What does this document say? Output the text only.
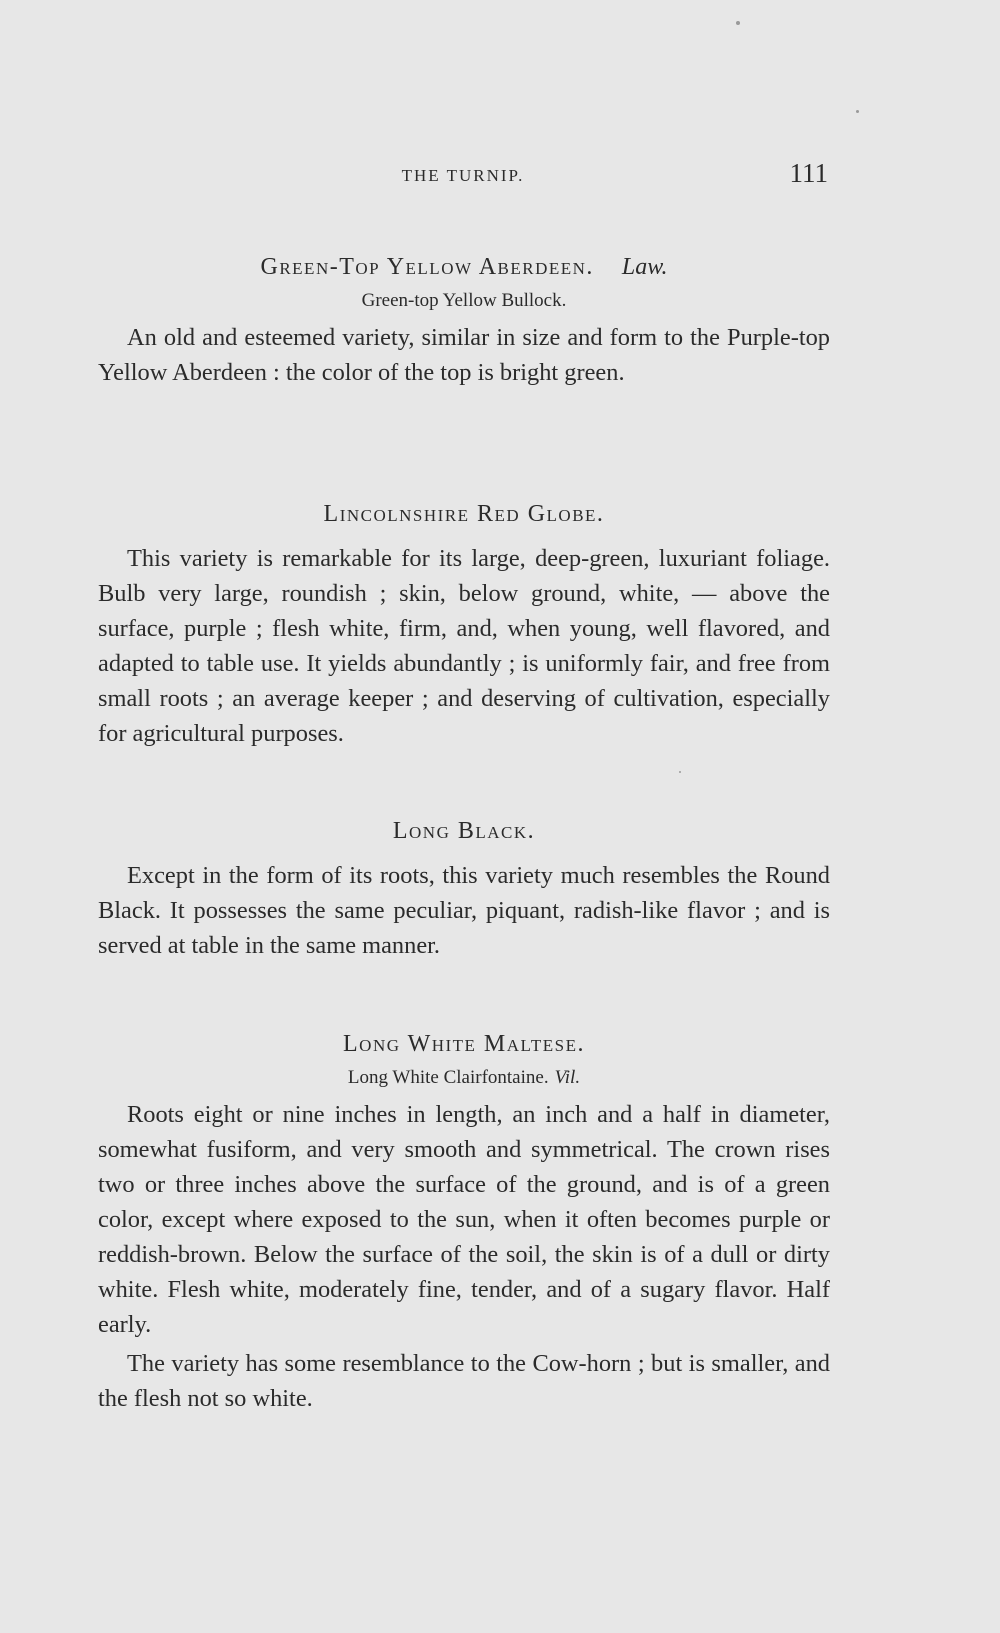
THE TURNIP.	111
Green-Top Yellow Aberdeen. Law.
Green-top Yellow Bullock.

An old and esteemed variety, similar in size and form to the Purple-top Yellow Aberdeen : the color of the top is bright green.

Lincolnshire Red Globe.

This variety is remarkable for its large, deep-green, luxuriant foliage. Bulb very large, roundish ; skin, below ground, white, — above the surface, purple ; flesh white, firm, and, when young, well flavored, and adapted to table use. It yields abundantly ; is uniformly fair, and free from small roots ; an average keeper ; and deserving of cultivation, especially for agricultural purposes.

Long Black.

Except in the form of its roots, this variety much resembles the Round Black. It possesses the same peculiar, piquant, radish-like flavor ; and is served at table in the same manner.

Long White Maltese.
Long White Clairfontaine. Vil.

Roots eight or nine inches in length, an inch and a half in diameter, somewhat fusiform, and very smooth and symmetrical. The crown rises two or three inches above the surface of the ground, and is of a green color, except where exposed to the sun, when it often becomes purple or reddish-brown. Below the surface of the soil, the skin is of a dull or dirty white. Flesh white, moderately fine, tender, and of a sugary flavor. Half early.

The variety has some resemblance to the Cow-horn ; but is smaller, and the flesh not so white.
